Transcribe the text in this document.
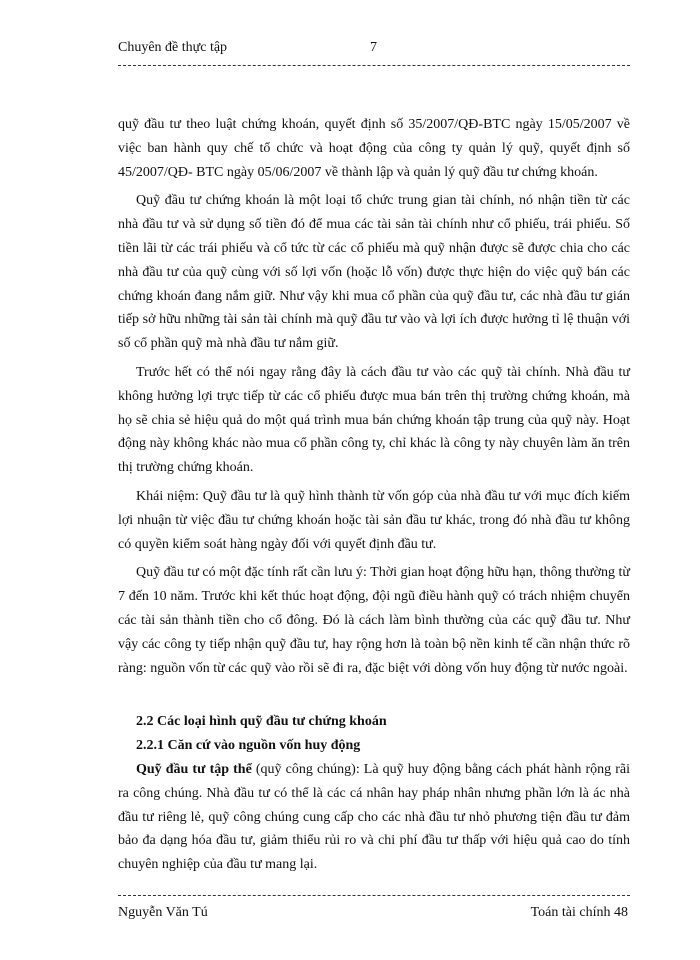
Chuyên đề thực tập	7

quỹ đầu tư theo luật chứng khoán, quyết định số 35/2007/QĐ-BTC ngày 15/05/2007 về việc ban hành quy chế tổ chức và hoạt động của công ty quản lý quỹ, quyết định số 45/2007/QĐ- BTC ngày 05/06/2007 về thành lập và quản lý quỹ đầu tư chứng khoán.

Quỹ đầu tư chứng khoán là một loại tổ chức trung gian tài chính, nó nhận tiền từ các nhà đầu tư và sử dụng số tiền đó để mua các tài sản tài chính như cổ phiếu, trái phiếu. Số tiền lãi từ các trái phiếu và cổ tức từ các cổ phiếu mà quỹ nhận được sẽ được chia cho các nhà đầu tư của quỹ cùng với số lợi vốn (hoặc lỗ vốn) được thực hiện do việc quỹ bán các chứng khoán đang nắm giữ. Như vậy khi mua cổ phần của quỹ đầu tư, các nhà đầu tư gián tiếp sở hữu những tài sản tài chính mà quỹ đầu tư vào và lợi ích được hưởng tỉ lệ thuận với số cổ phần quỹ mà nhà đầu tư nắm giữ.

Trước hết có thể nói ngay rằng đây là cách đầu tư vào các quỹ tài chính. Nhà đầu tư không hưởng lợi trực tiếp từ các cổ phiếu được mua bán trên thị trường chứng khoán, mà họ sẽ chia sẻ hiệu quả do một quá trình mua bán chứng khoán tập trung của quỹ này. Hoạt động này không khác nào mua cổ phần công ty, chỉ khác là công ty này chuyên làm ăn trên thị trường chứng khoán.

Khái niệm: Quỹ đầu tư là quỹ hình thành từ vốn góp của nhà đầu tư với mục đích kiếm lợi nhuận từ việc đầu tư chứng khoán hoặc tài sản đầu tư khác, trong đó nhà đầu tư không có quyền kiểm soát hàng ngày đối với quyết định đầu tư.

Quỹ đầu tư có một đặc tính rất cần lưu ý: Thời gian hoạt động hữu hạn, thông thường từ 7 đến 10 năm. Trước khi kết thúc hoạt động, đội ngũ điều hành quỹ có trách nhiệm chuyển các tài sản thành tiền cho cổ đông. Đó là cách làm bình thường của các quỹ đầu tư. Như vậy các công ty tiếp nhận quỹ đầu tư, hay rộng hơn là toàn bộ nền kinh tế cần nhận thức rõ ràng: nguồn vốn từ các quỹ vào rồi sẽ đi ra, đặc biệt với dòng vốn huy động từ nước ngoài.

2.2 Các loại hình quỹ đầu tư chứng khoán
2.2.1 Căn cứ vào nguồn vốn huy động

Quỹ đầu tư tập thể (quỹ công chúng): Là quỹ huy động bằng cách phát hành rộng rãi ra công chúng. Nhà đầu tư có thể là các cá nhân hay pháp nhân nhưng phần lớn là ác nhà đầu tư riêng lẻ, quỹ công chúng cung cấp cho các nhà đầu tư nhỏ phương tiện đầu tư đảm bảo đa dạng hóa đầu tư, giảm thiểu rủi ro và chi phí đầu tư thấp với hiệu quả cao do tính chuyên nghiệp của đầu tư mang lại.

Nguyễn Văn Tú	Toán tài chính 48
